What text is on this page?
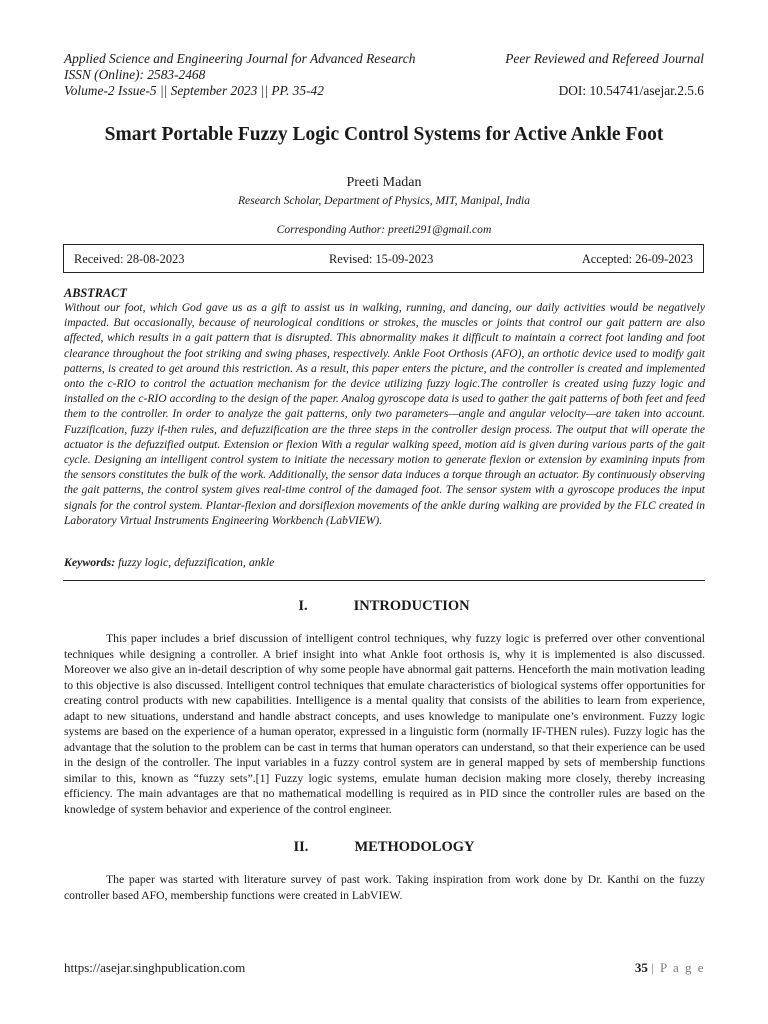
Applied Science and Engineering Journal for Advanced Research
ISSN (Online): 2583-2468
Volume-2 Issue-5 || September 2023 || PP. 35-42
Peer Reviewed and Refereed Journal
DOI: 10.54741/asejar.2.5.6
Smart Portable Fuzzy Logic Control Systems for Active Ankle Foot
Preeti Madan
Research Scholar, Department of Physics, MIT, Manipal, India
Corresponding Author: preeti291@gmail.com
Received: 28-08-2023	Revised: 15-09-2023	Accepted: 26-09-2023
ABSTRACT

Without our foot, which God gave us as a gift to assist us in walking, running, and dancing, our daily activities would be negatively impacted. But occasionally, because of neurological conditions or strokes, the muscles or joints that control our gait pattern are also affected, which results in a gait pattern that is disrupted. This abnormality makes it difficult to maintain a correct foot landing and foot clearance throughout the foot striking and swing phases, respectively. Ankle Foot Orthosis (AFO), an orthotic device used to modify gait patterns, is created to get around this restriction. As a result, this paper enters the picture, and the controller is created and implemented onto the c-RIO to control the actuation mechanism for the device utilizing fuzzy logic.The controller is created using fuzzy logic and installed on the c-RIO according to the design of the paper. Analog gyroscope data is used to gather the gait patterns of both feet and feed them to the controller. In order to analyze the gait patterns, only two parameters—angle and angular velocity—are taken into account. Fuzzification, fuzzy if-then rules, and defuzzification are the three steps in the controller design process. The output that will operate the actuator is the defuzzified output. Extension or flexion With a regular walking speed, motion aid is given during various parts of the gait cycle. Designing an intelligent control system to initiate the necessary motion to generate flexion or extension by examining inputs from the sensors constitutes the bulk of the work. Additionally, the sensor data induces a torque through an actuator. By continuously observing the gait patterns, the control system gives real-time control of the damaged foot. The sensor system with a gyroscope produces the input signals for the control system. Plantar-flexion and dorsiflexion movements of the ankle during walking are provided by the FLC created in Laboratory Virtual Instruments Engineering Workbench (LabVIEW).

Keywords: fuzzy logic, defuzzification, ankle
I.	INTRODUCTION

This paper includes a brief discussion of intelligent control techniques, why fuzzy logic is preferred over other conventional techniques while designing a controller. A brief insight into what Ankle foot orthosis is, why it is implemented is also discussed. Moreover we also give an in-detail description of why some people have abnormal gait patterns. Henceforth the main motivation leading to this objective is also discussed. Intelligent control techniques that emulate characteristics of biological systems offer opportunities for creating control products with new capabilities. Intelligence is a mental quality that consists of the abilities to learn from experience, adapt to new situations, understand and handle abstract concepts, and uses knowledge to manipulate one’s environment. Fuzzy logic systems are based on the experience of a human operator, expressed in a linguistic form (normally IF-THEN rules). Fuzzy logic has the advantage that the solution to the problem can be cast in terms that human operators can understand, so that their experience can be used in the design of the controller. The input variables in a fuzzy control system are in general mapped by sets of membership functions similar to this, known as “fuzzy sets”.[1] Fuzzy logic systems, emulate human decision making more closely, thereby increasing efficiency. The main advantages are that no mathematical modelling is required as in PID since the controller rules are based on the knowledge of system behavior and experience of the control engineer.

II.	METHODOLOGY

The paper was started with literature survey of past work. Taking inspiration from work done by Dr. Kanthi on the fuzzy controller based AFO, membership functions were created in LabVIEW.

https://asejar.singhpublication.com	35 | P a g e
